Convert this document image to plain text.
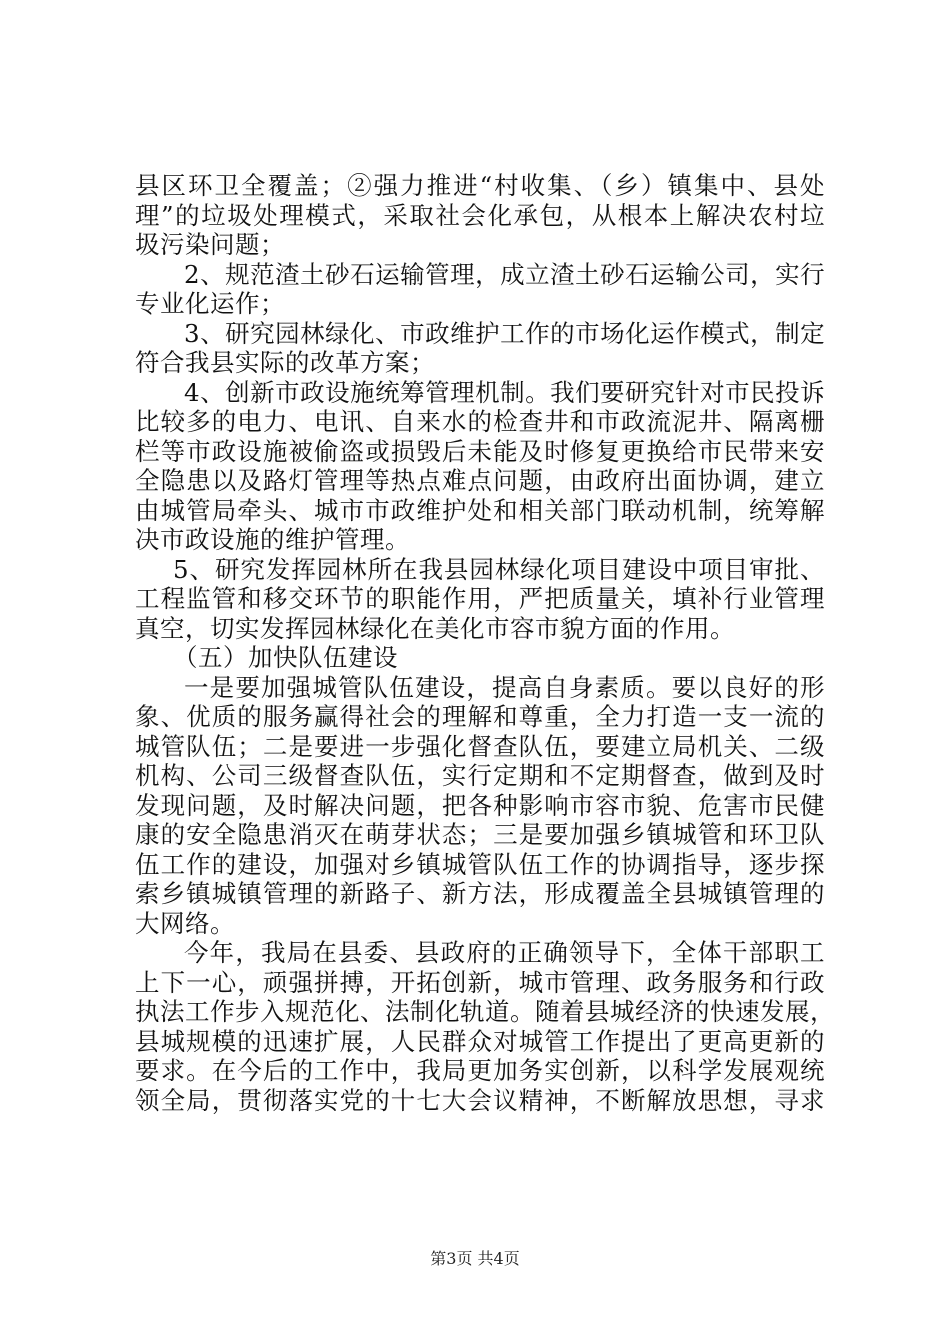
县区环卫全覆盖；②强力推进“村收集、（乡）镇集中、县处
理”的垃圾处理模式，采取社会化承包，从根本上解决农村垃
圾污染问题；
2、规范渣土砂石运输管理，成立渣土砂石运输公司，实行
专业化运作；
3、研究园林绿化、市政维护工作的市场化运作模式，制定
符合我县实际的改革方案；
4、创新市政设施统筹管理机制。我们要研究针对市民投诉
比较多的电力、电讯、自来水的检查井和市政流泥井、隔离栅
栏等市政设施被偷盗或损毁后未能及时修复更换给市民带来安
全隐患以及路灯管理等热点难点问题，由政府出面协调，建立
由城管局牵头、城市市政维护处和相关部门联动机制，统筹解
决市政设施的维护管理。
5、研究发挥园林所在我县园林绿化项目建设中项目审批、
工程监管和移交环节的职能作用，严把质量关，填补行业管理
真空，切实发挥园林绿化在美化市容市貌方面的作用。
（五）加快队伍建设
一是要加强城管队伍建设，提高自身素质。要以良好的形
象、优质的服务赢得社会的理解和尊重，全力打造一支一流的
城管队伍；二是要进一步强化督查队伍，要建立局机关、二级
机构、公司三级督查队伍，实行定期和不定期督查，做到及时
发现问题，及时解决问题，把各种影响市容市貌、危害市民健
康的安全隐患消灭在萌芽状态；三是要加强乡镇城管和环卫队
伍工作的建设，加强对乡镇城管队伍工作的协调指导，逐步探
索乡镇城镇管理的新路子、新方法，形成覆盖全县城镇管理的
大网络。
今年，我局在县委、县政府的正确领导下，全体干部职工
上下一心，顽强拼搏，开拓创新，城市管理、政务服务和行政
执法工作步入规范化、法制化轨道。随着县城经济的快速发展，
县城规模的迅速扩展，人民群众对城管工作提出了更高更新的
要求。在今后的工作中，我局更加务实创新，以科学发展观统
领全局，贯彻落实党的十七大会议精神，不断解放思想，寻求
第3页 共4页
